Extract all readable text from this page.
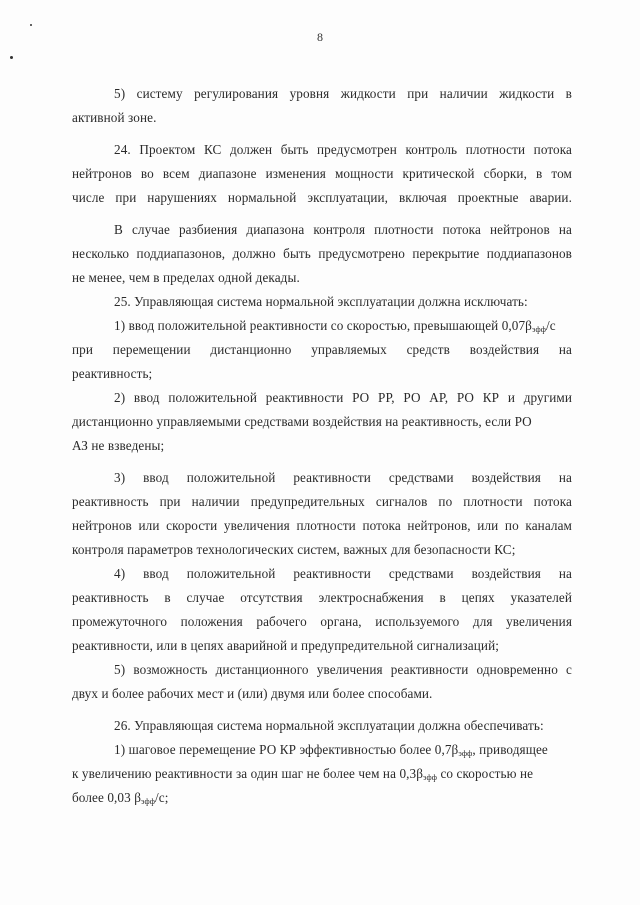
8
5) систему регулирования уровня жидкости при наличии жидкости в
активной зоне.
24. Проектом КС должен быть предусмотрен контроль плотности потока
нейтронов во всем диапазоне изменения мощности критической сборки, в том
числе при нарушениях нормальной эксплуатации, включая проектные аварии.
В случае разбиения диапазона контроля плотности потока нейтронов на
несколько поддиапазонов, должно быть предусмотрено перекрытие поддиапазонов
не менее, чем в пределах одной декады.
25. Управляющая система нормальной эксплуатации должна исключать:
1) ввод положительной реактивности со скоростью, превышающей $0,07\beta_{эфф}/с$
при перемещении дистанционно управляемых средств воздействия на
реактивность;
2) ввод положительной реактивности РО РР, РО АР, РО КР и другими
дистанционно управляемыми средствами воздействия на реактивность, если РО
АЗ не взведены;
3) ввод положительной реактивности средствами воздействия на
реактивность при наличии предупредительных сигналов по плотности потока
нейтронов или скорости увеличения плотности потока нейтронов, или по каналам
контроля параметров технологических систем, важных для безопасности КС;
4) ввод положительной реактивности средствами воздействия на
реактивность в случае отсутствия электроснабжения в цепях указателей
промежуточного положения рабочего органа, используемого для увеличения
реактивности, или в цепях аварийной и предупредительной сигнализаций;
5) возможность дистанционного увеличения реактивности одновременно с
двух и более рабочих мест и (или) двумя или более способами.
26. Управляющая система нормальной эксплуатации должна обеспечивать:
1) шаговое перемещение РО КР эффективностью более $0,7\beta_{эфф}$, приводящее
к увеличению реактивности за один шаг не более чем на $0,3\beta_{эфф}$ со скоростью не
более 0,03 $\beta_{эфф}/с$;
